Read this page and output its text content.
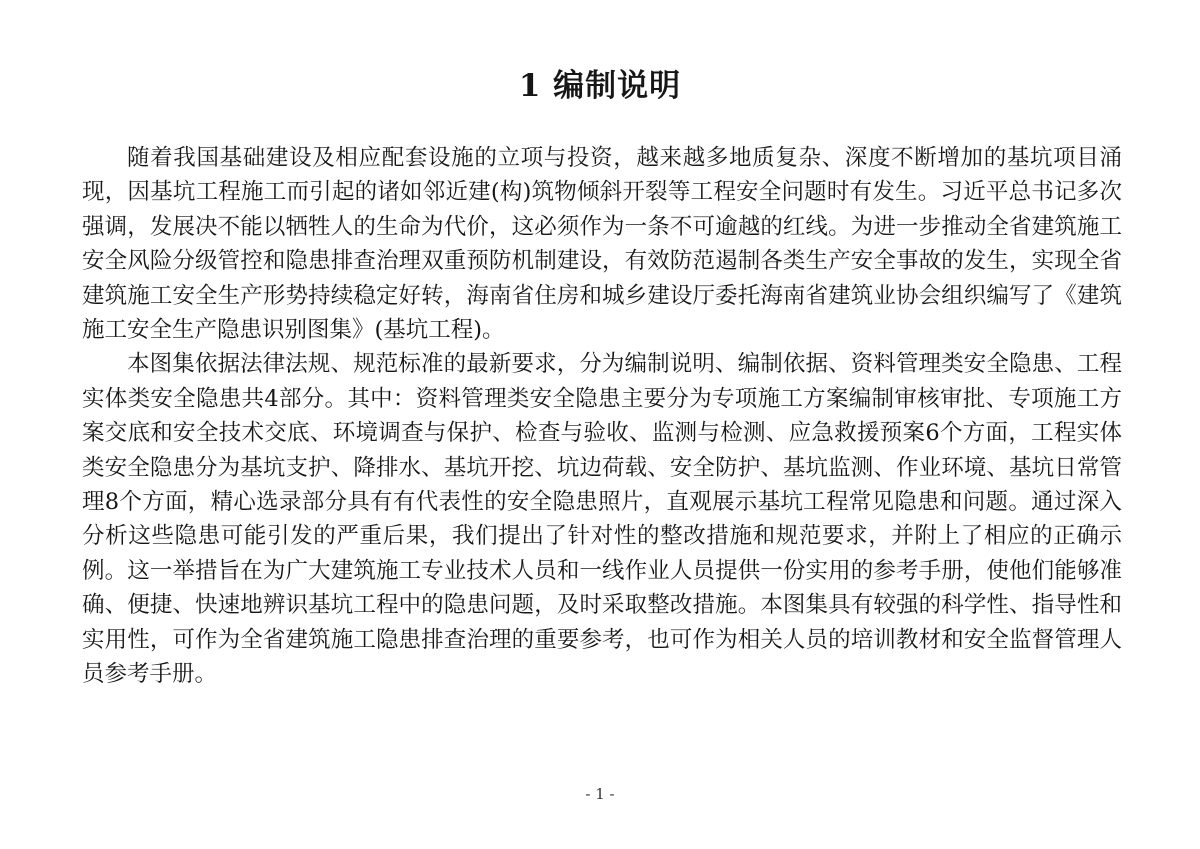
1 编制说明

随着我国基础建设及相应配套设施的立项与投资，越来越多地质复杂、深度不断增加的基坑项目涌现，因基坑工程施工而引起的诸如邻近建(构)筑物倾斜开裂等工程安全问题时有发生。习近平总书记多次强调，发展决不能以牺牲人的生命为代价，这必须作为一条不可逾越的红线。为进一步推动全省建筑施工安全风险分级管控和隐患排查治理双重预防机制建设，有效防范遏制各类生产安全事故的发生，实现全省建筑施工安全生产形势持续稳定好转，海南省住房和城乡建设厅委托海南省建筑业协会组织编写了《建筑施工安全生产隐患识别图集》(基坑工程)。

本图集依据法律法规、规范标准的最新要求，分为编制说明、编制依据、资料管理类安全隐患、工程实体类安全隐患共4部分。其中：资料管理类安全隐患主要分为专项施工方案编制审核审批、专项施工方案交底和安全技术交底、环境调查与保护、检查与验收、监测与检测、应急救援预案6个方面，工程实体类安全隐患分为基坑支护、降排水、基坑开挖、坑边荷载、安全防护、基坑监测、作业环境、基坑日常管理8个方面，精心选录部分具有有代表性的安全隐患照片，直观展示基坑工程常见隐患和问题。通过深入分析这些隐患可能引发的严重后果，我们提出了针对性的整改措施和规范要求，并附上了相应的正确示例。这一举措旨在为广大建筑施工专业技术人员和一线作业人员提供一份实用的参考手册，使他们能够准确、便捷、快速地辨识基坑工程中的隐患问题，及时采取整改措施。本图集具有较强的科学性、指导性和实用性，可作为全省建筑施工隐患排查治理的重要参考，也可作为相关人员的培训教材和安全监督管理人员参考手册。

- 1 -
